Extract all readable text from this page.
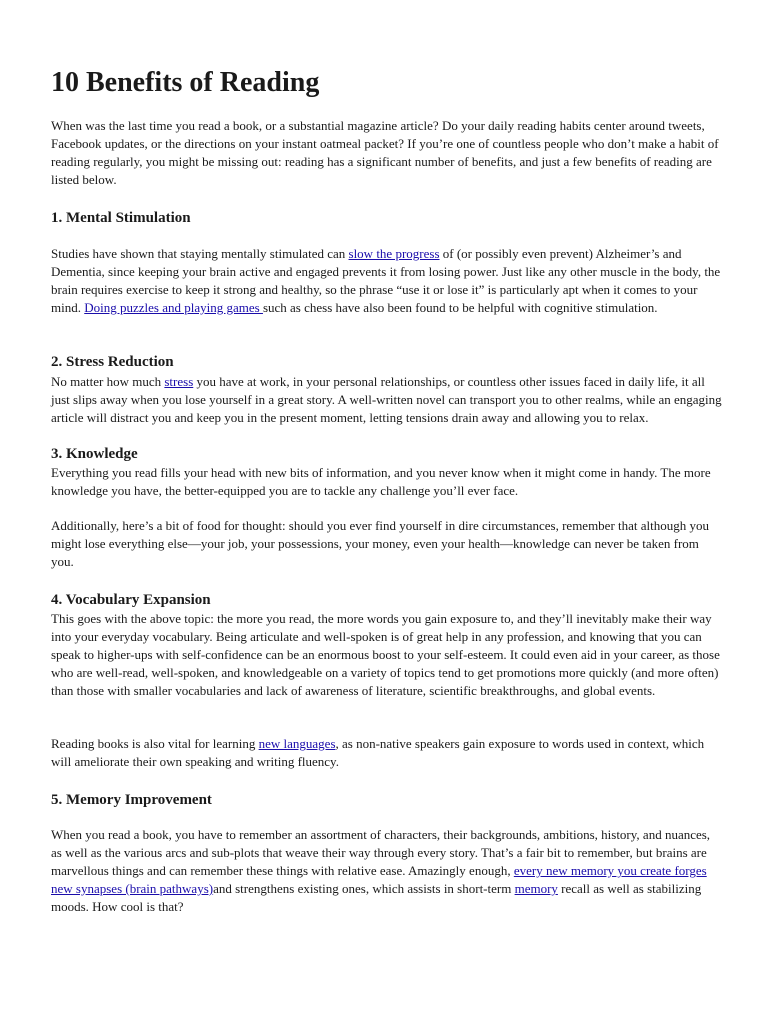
10 Benefits of Reading

When was the last time you read a book, or a substantial magazine article? Do your daily reading habits center around tweets, Facebook updates, or the directions on your instant oatmeal packet? If you’re one of countless people who don’t make a habit of reading regularly, you might be missing out: reading has a significant number of benefits, and just a few benefits of reading are listed below.

1. Mental Stimulation

Studies have shown that staying mentally stimulated can slow the progress of (or possibly even prevent) Alzheimer’s and Dementia, since keeping your brain active and engaged prevents it from losing power. Just like any other muscle in the body, the brain requires exercise to keep it strong and healthy, so the phrase “use it or lose it” is particularly apt when it comes to your mind. Doing puzzles and playing games such as chess have also been found to be helpful with cognitive stimulation.

2. Stress Reduction

No matter how much stress you have at work, in your personal relationships, or countless other issues faced in daily life, it all just slips away when you lose yourself in a great story. A well-written novel can transport you to other realms, while an engaging article will distract you and keep you in the present moment, letting tensions drain away and allowing you to relax.

3. Knowledge

Everything you read fills your head with new bits of information, and you never know when it might come in handy. The more knowledge you have, the better-equipped you are to tackle any challenge you’ll ever face.

Additionally, here’s a bit of food for thought: should you ever find yourself in dire circumstances, remember that although you might lose everything else—your job, your possessions, your money, even your health—knowledge can never be taken from you.

4. Vocabulary Expansion

This goes with the above topic: the more you read, the more words you gain exposure to, and they’ll inevitably make their way into your everyday vocabulary. Being articulate and well-spoken is of great help in any profession, and knowing that you can speak to higher-ups with self-confidence can be an enormous boost to your self-esteem. It could even aid in your career, as those who are well-read, well-spoken, and knowledgeable on a variety of topics tend to get promotions more quickly (and more often) than those with smaller vocabularies and lack of awareness of literature, scientific breakthroughs, and global events.

Reading books is also vital for learning new languages, as non-native speakers gain exposure to words used in context, which will ameliorate their own speaking and writing fluency.

5. Memory Improvement

When you read a book, you have to remember an assortment of characters, their backgrounds, ambitions, history, and nuances, as well as the various arcs and sub-plots that weave their way through every story. That’s a fair bit to remember, but brains are marvellous things and can remember these things with relative ease. Amazingly enough, every new memory you create forges new synapses (brain pathways)and strengthens existing ones, which assists in short-term memory recall as well as stabilizing moods. How cool is that?
